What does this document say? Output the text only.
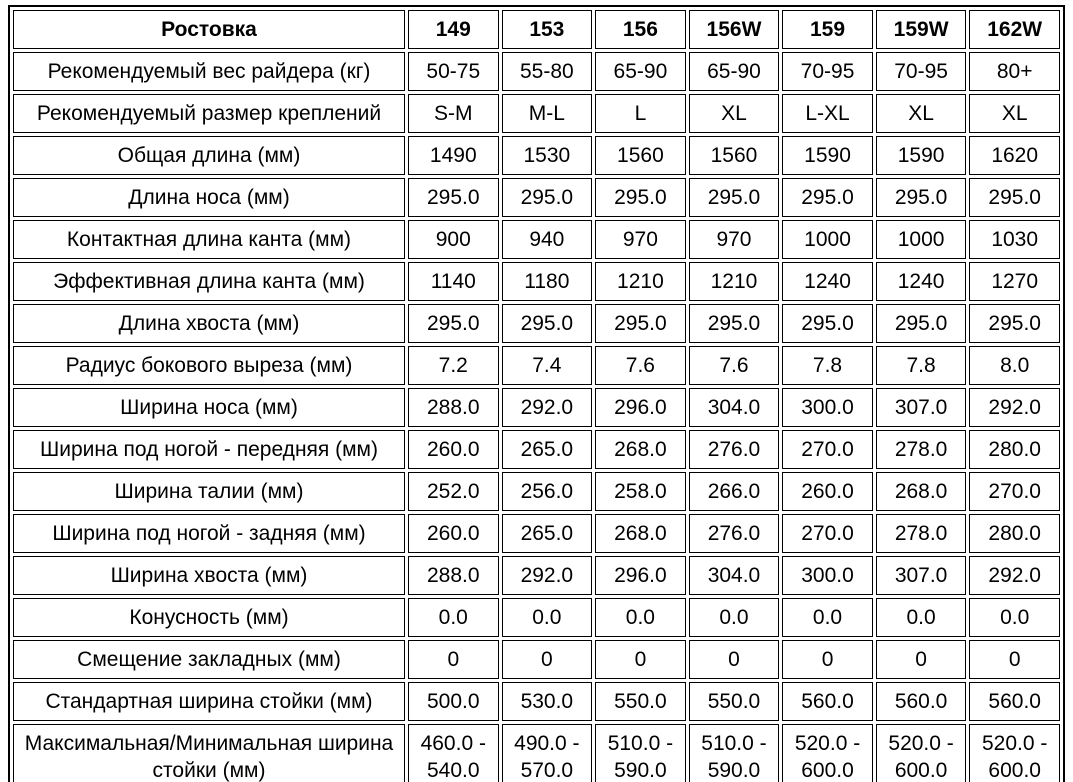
Ростовка	149	153	156	156W	159	159W	162W
Рекомендуемый вес райдера (кг)	50-75	55-80	65-90	65-90	70-95	70-95	80+
Рекомендуемый размер креплений	S-M	M-L	L	XL	L-XL	XL	XL
Общая длина (мм)	1490	1530	1560	1560	1590	1590	1620
Длина носа (мм)	295.0	295.0	295.0	295.0	295.0	295.0	295.0
Контактная длина канта (мм)	900	940	970	970	1000	1000	1030
Эффективная длина канта (мм)	1140	1180	1210	1210	1240	1240	1270
Длина хвоста (мм)	295.0	295.0	295.0	295.0	295.0	295.0	295.0
Радиус бокового выреза (мм)	7.2	7.4	7.6	7.6	7.8	7.8	8.0
Ширина носа (мм)	288.0	292.0	296.0	304.0	300.0	307.0	292.0
Ширина под ногой - передняя (мм)	260.0	265.0	268.0	276.0	270.0	278.0	280.0
Ширина талии (мм)	252.0	256.0	258.0	266.0	260.0	268.0	270.0
Ширина под ногой - задняя (мм)	260.0	265.0	268.0	276.0	270.0	278.0	280.0
Ширина хвоста (мм)	288.0	292.0	296.0	304.0	300.0	307.0	292.0
Конусность (мм)	0.0	0.0	0.0	0.0	0.0	0.0	0.0
Смещение закладных (мм)	0	0	0	0	0	0	0
Стандартная ширина стойки (мм)	500.0	530.0	550.0	550.0	560.0	560.0	560.0
Максимальная/Минимальная ширина стойки (мм)	460.0 - 540.0	490.0 - 570.0	510.0 - 590.0	510.0 - 590.0	520.0 - 600.0	520.0 - 600.0	520.0 - 600.0
